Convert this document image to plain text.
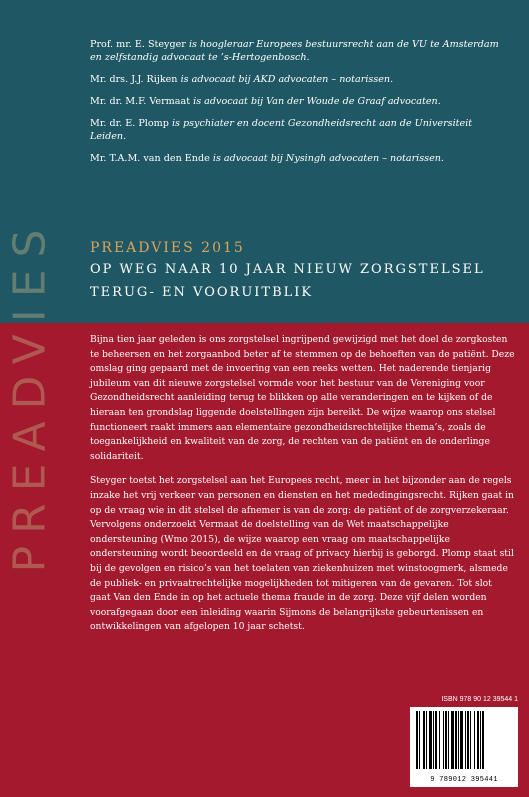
PREADVIES

Prof. mr. E. Steyger is hoogleraar Europees bestuursrecht aan de VU te Amsterdam en zelfstandig advocaat te ’s-Hertogenbosch.

Mr. drs. J.J. Rijken is advocaat bij AKD advocaten – notarissen.

Mr. dr. M.F. Vermaat is advocaat bij Van der Woude de Graaf advocaten.

Mr. dr. E. Plomp is psychiater en docent Gezondheidsrecht aan de Universiteit Leiden.

Mr. T.A.M. van den Ende is advocaat bij Nysingh advocaten – notarissen.

PREADVIES 2015
OP WEG NAAR 10 JAAR NIEUW ZORGSTELSEL
TERUG- EN VOORUITBLIK

Bijna tien jaar geleden is ons zorgstelsel ingrijpend gewijzigd met het doel de zorgkosten te beheersen en het zorgaanbod beter af te stemmen op de behoeften van de patiënt. Deze omslag ging gepaard met de invoering van een reeks wetten. Het naderende tienjarig jubileum van dit nieuwe zorgstelsel vormde voor het bestuur van de Vereniging voor Gezondheidsrecht aanleiding terug te blikken op alle veranderingen en te kijken of de hieraan ten grondslag liggende doelstellingen zijn bereikt. De wijze waarop ons stelsel functioneert raakt immers aan elementaire gezondheidsrechtelijke thema’s, zoals de toegankelijkheid en kwaliteit van de zorg, de rechten van de patiënt en de onderlinge solidariteit.

Steyger toetst het zorgstelsel aan het Europees recht, meer in het bijzonder aan de regels inzake het vrij verkeer van personen en diensten en het mededingingsrecht. Rijken gaat in op de vraag wie in dit stelsel de afnemer is van de zorg: de patiënt of de zorgverzekeraar. Vervolgens onderzoekt Vermaat de doelstelling van de Wet maatschappelijke ondersteuning (Wmo 2015), de wijze waarop een vraag om maatschappelijke ondersteuning wordt beoordeeld en de vraag of privacy hierbij is geborgd. Plomp staat stil bij de gevolgen en risico’s van het toelaten van ziekenhuizen met winstoogmerk, alsmede de publiek- en privaatrechtelijke mogelijkheden tot mitigeren van de gevaren. Tot slot gaat Van den Ende in op het actuele thema fraude in de zorg. Deze vijf delen worden voorafgegaan door een inleiding waarin Sijmons de belangrijkste gebeurtenissen en ontwikkelingen van afgelopen 10 jaar schetst.

ISBN 978 90 12 39544 1
9 789012 395441
